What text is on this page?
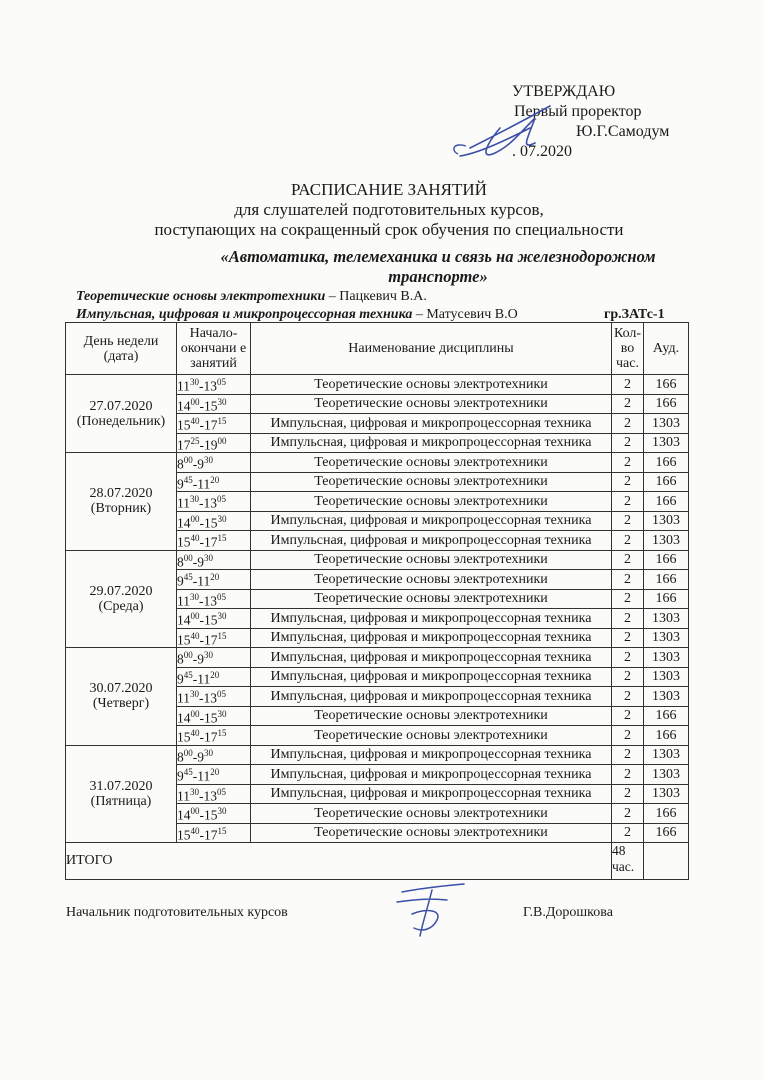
УТВЕРЖДАЮ
Первый проректор
Ю.Г.Самодум
. 07.2020
РАСПИСАНИЕ ЗАНЯТИЙ
для слушателей подготовительных курсов,
поступающих на сокращенный срок обучения по специальности
«Автоматика, телемеханика и связь на железнодорожном транспорте»
Теоретические основы электротехники – Пацкевич В.А.
Импульсная, цифровая и микропроцессорная техника – Матусевич В.О	гр.ЗАТс-1
День недели (дата)	Начало-окончани е занятий	Наименование дисциплины	Кол-во час.	Ауд.

27.07.2020
(Понедельник)	$11^{30}-13^{05}$	Теоретические основы электротехники	2	166
	$14^{00}-15^{30}$	Теоретические основы электротехники	2	166
	$15^{40}-17^{15}$	Импульсная, цифровая и микропроцессорная техника	2	1303
	$17^{25}-19^{00}$	Импульсная, цифровая и микропроцессорная техника	2	1303

28.07.2020
(Вторник)	$8^{00}-9^{30}$	Теоретические основы электротехники	2	166
	$9^{45}-11^{20}$	Теоретические основы электротехники	2	166
	$11^{30}-13^{05}$	Теоретические основы электротехники	2	166
	$14^{00}-15^{30}$	Импульсная, цифровая и микропроцессорная техника	2	1303
	$15^{40}-17^{15}$	Импульсная, цифровая и микропроцессорная техника	2	1303

29.07.2020
(Среда)	$8^{00}-9^{30}$	Теоретические основы электротехники	2	166
	$9^{45}-11^{20}$	Теоретические основы электротехники	2	166
	$11^{30}-13^{05}$	Теоретические основы электротехники	2	166
	$14^{00}-15^{30}$	Импульсная, цифровая и микропроцессорная техника	2	1303
	$15^{40}-17^{15}$	Импульсная, цифровая и микропроцессорная техника	2	1303

30.07.2020
(Четверг)	$8^{00}-9^{30}$	Импульсная, цифровая и микропроцессорная техника	2	1303
	$9^{45}-11^{20}$	Импульсная, цифровая и микропроцессорная техника	2	1303
	$11^{30}-13^{05}$	Импульсная, цифровая и микропроцессорная техника	2	1303
	$14^{00}-15^{30}$	Теоретические основы электротехники	2	166
	$15^{40}-17^{15}$	Теоретические основы электротехники	2	166

31.07.2020
(Пятница)	$8^{00}-9^{30}$	Импульсная, цифровая и микропроцессорная техника	2	1303
	$9^{45}-11^{20}$	Импульсная, цифровая и микропроцессорная техника	2	1303
	$11^{30}-13^{05}$	Импульсная, цифровая и микропроцессорная техника	2	1303
	$14^{00}-15^{30}$	Теоретические основы электротехники	2	166
	$15^{40}-17^{15}$	Теоретические основы электротехники	2	166
ИТОГО			48 час.	
Начальник подготовительных курсов	Г.В.Дорошкова
